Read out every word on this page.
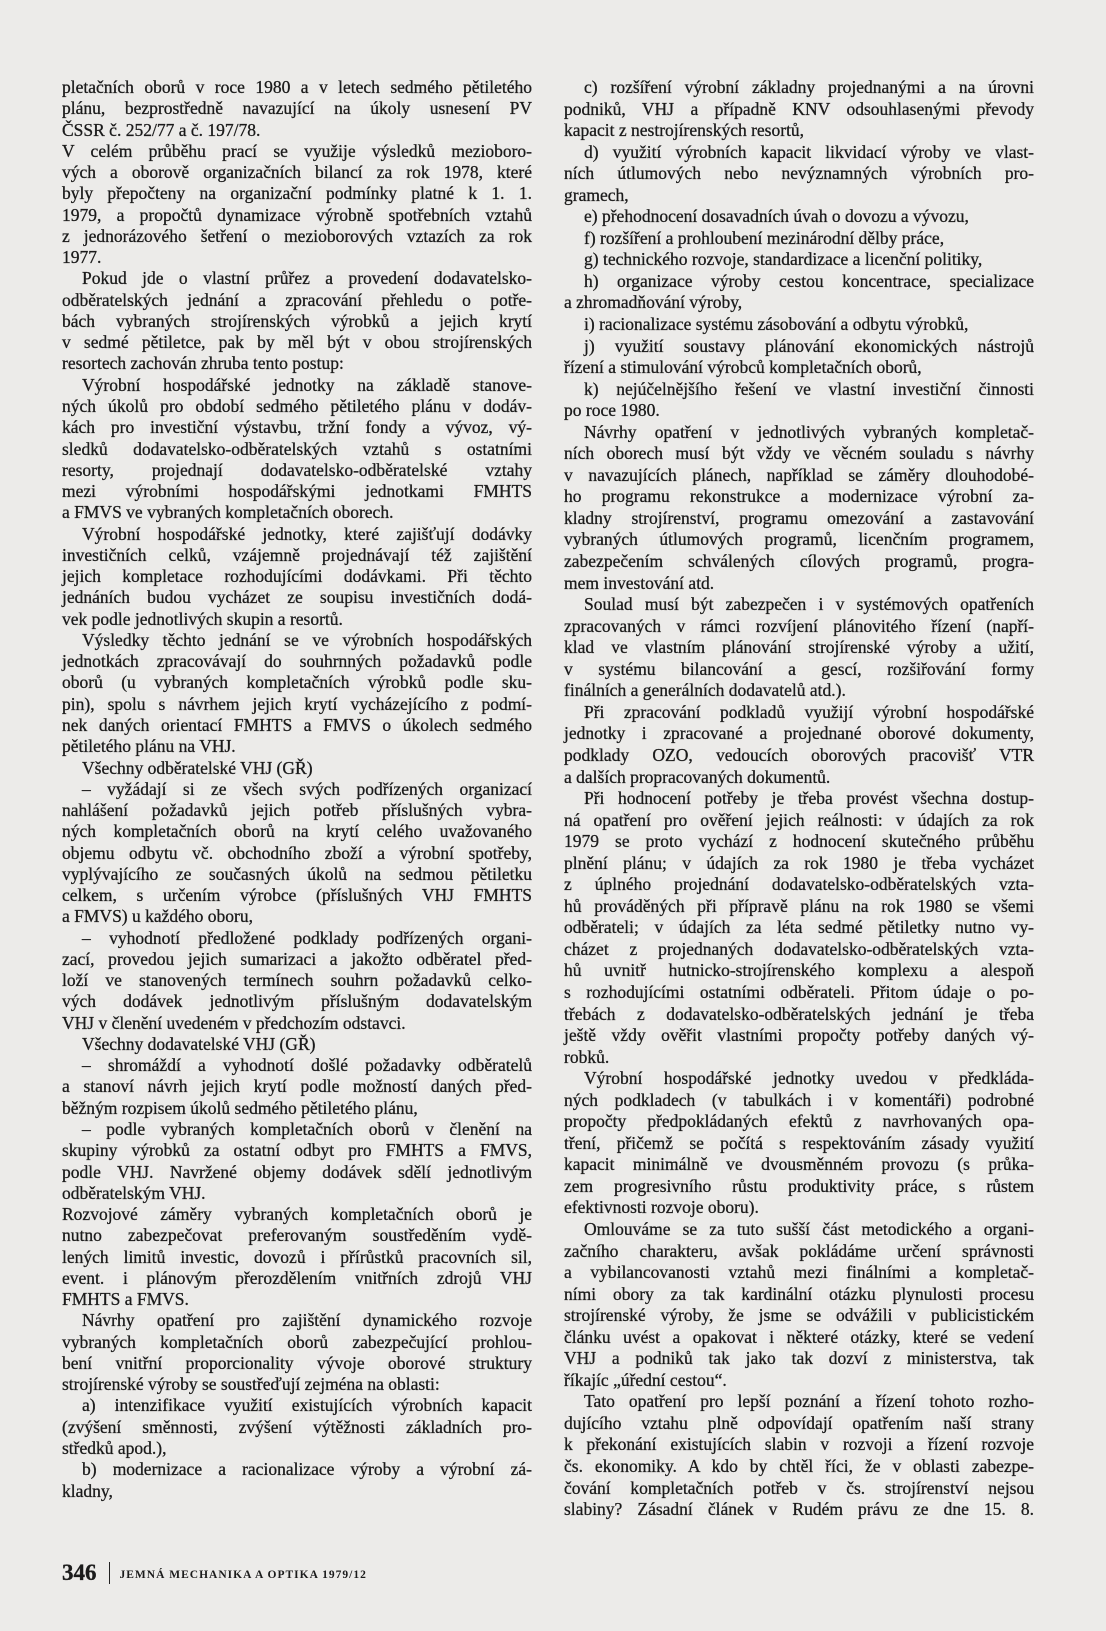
pletačních oborů v roce 1980 a v letech sedmého pětiletého
plánu, bezprostředně navazující na úkoly usnesení PV
ČSSR č. 252/77 a č. 197/78.
V celém průběhu prací se využije výsledků mezioboro-
vých a oborově organizačních bilancí za rok 1978, které
byly přepočteny na organizační podmínky platné k 1. 1.
1979, a propočtů dynamizace výrobně spotřebních vztahů
z jednorázového šetření o mezioborových vztazích za rok
1977.
Pokud jde o vlastní průřez a provedení dodavatelsko-
odběratelských jednání a zpracování přehledu o potře-
bách vybraných strojírenských výrobků a jejich krytí
v sedmé pětiletce, pak by měl být v obou strojírenských
resortech zachován zhruba tento postup:
Výrobní hospodářské jednotky na základě stanove-
ných úkolů pro období sedmého pětiletého plánu v dodáv-
kách pro investiční výstavbu, tržní fondy a vývoz, vý-
sledků dodavatelsko-odběratelských vztahů s ostatními
resorty, projednají dodavatelsko-odběratelské vztahy
mezi výrobními hospodářskými jednotkami FMHTS
a FMVS ve vybraných kompletačních oborech.
Výrobní hospodářské jednotky, které zajišťují dodávky
investičních celků, vzájemně projednávají též zajištění
jejich kompletace rozhodujícími dodávkami. Při těchto
jednáních budou vycházet ze soupisu investičních dodá-
vek podle jednotlivých skupin a resortů.
Výsledky těchto jednání se ve výrobních hospodářských
jednotkách zpracovávají do souhrnných požadavků podle
oborů (u vybraných kompletačních výrobků podle sku-
pin), spolu s návrhem jejich krytí vycházejícího z podmí-
nek daných orientací FMHTS a FMVS o úkolech sedmého
pětiletého plánu na VHJ.
Všechny odběratelské VHJ (GŘ)
– vyžádají si ze všech svých podřízených organizací
nahlášení požadavků jejich potřeb příslušných vybra-
ných kompletačních oborů na krytí celého uvažovaného
objemu odbytu vč. obchodního zboží a výrobní spotřeby,
vyplývajícího ze současných úkolů na sedmou pětiletku
celkem, s určením výrobce (příslušných VHJ FMHTS
a FMVS) u každého oboru,
– vyhodnotí předložené podklady podřízených organi-
zací, provedou jejich sumarizaci a jakožto odběratel před-
loží ve stanovených termínech souhrn požadavků celko-
vých dodávek jednotlivým příslušným dodavatelským
VHJ v členění uvedeném v předchozím odstavci.
Všechny dodavatelské VHJ (GŘ)
– shromáždí a vyhodnotí došlé požadavky odběratelů
a stanoví návrh jejich krytí podle možností daných před-
běžným rozpisem úkolů sedmého pětiletého plánu,
– podle vybraných kompletačních oborů v členění na
skupiny výrobků za ostatní odbyt pro FMHTS a FMVS,
podle VHJ. Navržené objemy dodávek sdělí jednotlivým
odběratelským VHJ.
Rozvojové záměry vybraných kompletačních oborů je
nutno zabezpečovat preferovaným soustředěním vydě-
lených limitů investic, dovozů i přírůstků pracovních sil,
event. i plánovým přerozdělením vnitřních zdrojů VHJ
FMHTS a FMVS.
Návrhy opatření pro zajištění dynamického rozvoje
vybraných kompletačních oborů zabezpečující prohlou-
bení vnitřní proporcionality vývoje oborové struktury
strojírenské výroby se soustřeďují zejména na oblasti:
a) intenzifikace využití existujících výrobních kapacit
(zvýšení směnnosti, zvýšení výtěžnosti základních pro-
středků apod.),
b) modernizace a racionalizace výroby a výrobní zá-
kladny,
c) rozšíření výrobní základny projednanými a na úrovni
podniků, VHJ a případně KNV odsouhlasenými převody
kapacit z nestrojírenských resortů,
d) využití výrobních kapacit likvidací výroby ve vlast-
ních útlumových nebo nevýznamných výrobních pro-
gramech,
e) přehodnocení dosavadních úvah o dovozu a vývozu,
f) rozšíření a prohloubení mezinárodní dělby práce,
g) technického rozvoje, standardizace a licenční politiky,
h) organizace výroby cestou koncentrace, specializace
a zhromadňování výroby,
i) racionalizace systému zásobování a odbytu výrobků,
j) využití soustavy plánování ekonomických nástrojů
řízení a stimulování výrobců kompletačních oborů,
k) nejúčelnějšího řešení ve vlastní investiční činnosti
po roce 1980.
Návrhy opatření v jednotlivých vybraných kompletač-
ních oborech musí být vždy ve věcném souladu s návrhy
v navazujících plánech, například se záměry dlouhodobé-
ho programu rekonstrukce a modernizace výrobní za-
kladny strojírenství, programu omezování a zastavování
vybraných útlumových programů, licenčním programem,
zabezpečením schválených cílových programů, progra-
mem investování atd.
Soulad musí být zabezpečen i v systémových opatřeních
zpracovaných v rámci rozvíjení plánovitého řízení (napří-
klad ve vlastním plánování strojírenské výroby a užití,
v systému bilancování a gescí, rozšiřování formy
finálních a generálních dodavatelů atd.).
Při zpracování podkladů využijí výrobní hospodářské
jednotky i zpracované a projednané oborové dokumenty,
podklady OZO, vedoucích oborových pracovišť VTR
a dalších propracovaných dokumentů.
Při hodnocení potřeby je třeba provést všechna dostup-
ná opatření pro ověření jejich reálnosti: v údajích za rok
1979 se proto vychází z hodnocení skutečného průběhu
plnění plánu; v údajích za rok 1980 je třeba vycházet
z úplného projednání dodavatelsko-odběratelských vzta-
hů prováděných při přípravě plánu na rok 1980 se všemi
odběrateli; v údajích za léta sedmé pětiletky nutno vy-
cházet z projednaných dodavatelsko-odběratelských vzta-
hů uvnitř hutnicko-strojírenského komplexu a alespoň
s rozhodujícími ostatními odběrateli. Přitom údaje o po-
třebách z dodavatelsko-odběratelských jednání je třeba
ještě vždy ověřit vlastními propočty potřeby daných vý-
robků.
Výrobní hospodářské jednotky uvedou v předkláda-
ných podkladech (v tabulkách i v komentáři) podrobné
propočty předpokládaných efektů z navrhovaných opa-
tření, přičemž se počítá s respektováním zásady využití
kapacit minimálně ve dvousměnném provozu (s průka-
zem progresivního růstu produktivity práce, s růstem
efektivnosti rozvoje oboru).
Omlouváme se za tuto sušší část metodického a organi-
začního charakteru, avšak pokládáme určení správnosti
a vybilancovanosti vztahů mezi finálními a kompletač-
ními obory za tak kardinální otázku plynulosti procesu
strojírenské výroby, že jsme se odvážili v publicistickém
článku uvést a opakovat i některé otázky, které se vedení
VHJ a podniků tak jako tak dozví z ministerstva, tak
říkajíc „úřední cestou“.
Tato opatření pro lepší poznání a řízení tohoto rozho-
dujícího vztahu plně odpovídají opatřením naší strany
k překonání existujících slabin v rozvoji a řízení rozvoje
čs. ekonomiky. A kdo by chtěl říci, že v oblasti zabezpe-
čování kompletačních potřeb v čs. strojírenství nejsou
slabiny? Zásadní článek v Rudém právu ze dne 15. 8.
346 JEMNÁ MECHANIKA A OPTIKA 1979/12
